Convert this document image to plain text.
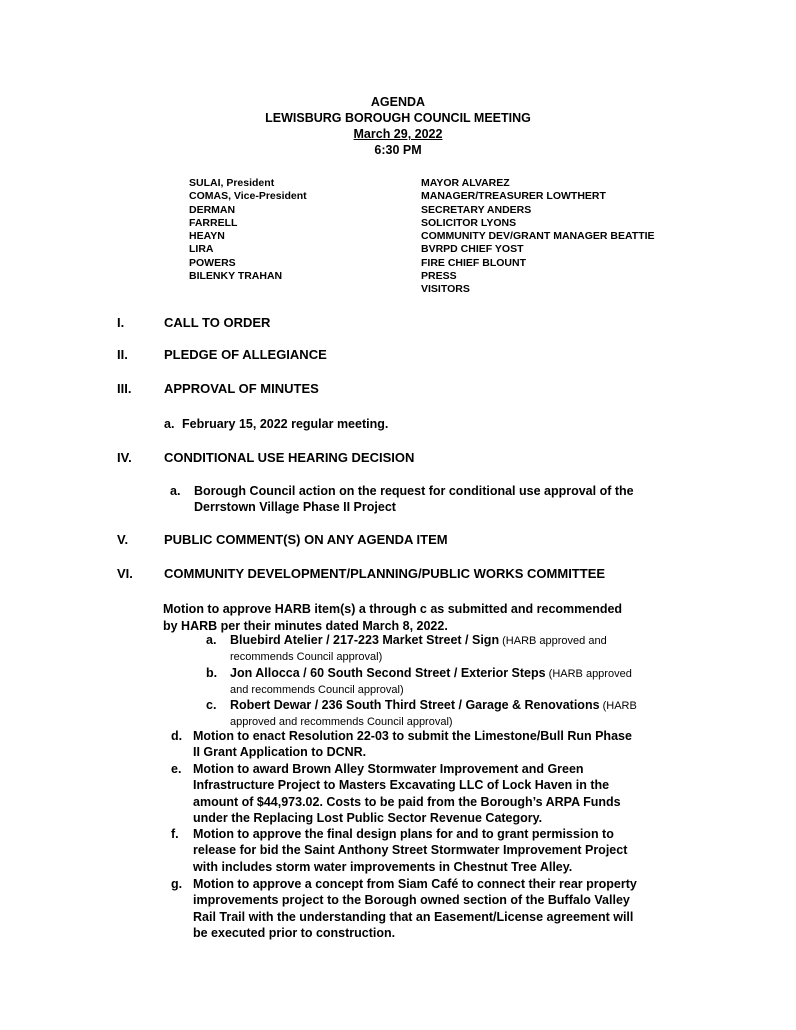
AGENDA
LEWISBURG BOROUGH COUNCIL MEETING
March 29, 2022
6:30 PM
SULAI, President
COMAS, Vice-President
DERMAN
FARRELL
HEAYN
LIRA
POWERS
BILENKY TRAHAN
MAYOR ALVAREZ
MANAGER/TREASURER LOWTHERT
SECRETARY ANDERS
SOLICITOR LYONS
COMMUNITY DEV/GRANT MANAGER BEATTIE
BVRPD CHIEF YOST
FIRE CHIEF BLOUNT
PRESS
VISITORS
I.	CALL TO ORDER
II.	PLEDGE OF ALLEGIANCE
III.	APPROVAL OF MINUTES
a. February 15, 2022 regular meeting.
IV. CONDITIONAL USE HEARING DECISION
a. Borough Council action on the request for conditional use approval of the
Derrstown Village Phase II Project
V.	PUBLIC COMMENT(S) ON ANY AGENDA ITEM
VI. COMMUNITY DEVELOPMENT/PLANNING/PUBLIC WORKS COMMITTEE
Motion to approve HARB item(s) a through c as submitted and recommended
by HARB per their minutes dated March 8, 2022.
a. Bluebird Atelier / 217-223 Market Street / Sign (HARB approved and
recommends Council approval)
b. Jon Allocca / 60 South Second Street / Exterior Steps (HARB approved
and recommends Council approval)
c. Robert Dewar / 236 South Third Street / Garage & Renovations (HARB
approved and recommends Council approval)
d. Motion to enact Resolution 22-03 to submit the Limestone/Bull Run Phase
II Grant Application to DCNR.
e. Motion to award Brown Alley Stormwater Improvement and Green
Infrastructure Project to Masters Excavating LLC of Lock Haven in the
amount of $44,973.02. Costs to be paid from the Borough’s ARPA Funds
under the Replacing Lost Public Sector Revenue Category.
f. Motion to approve the final design plans for and to grant permission to
release for bid the Saint Anthony Street Stormwater Improvement Project
with includes storm water improvements in Chestnut Tree Alley.
g. Motion to approve a concept from Siam Café to connect their rear property
improvements project to the Borough owned section of the Buffalo Valley
Rail Trail with the understanding that an Easement/License agreement will
be executed prior to construction.
